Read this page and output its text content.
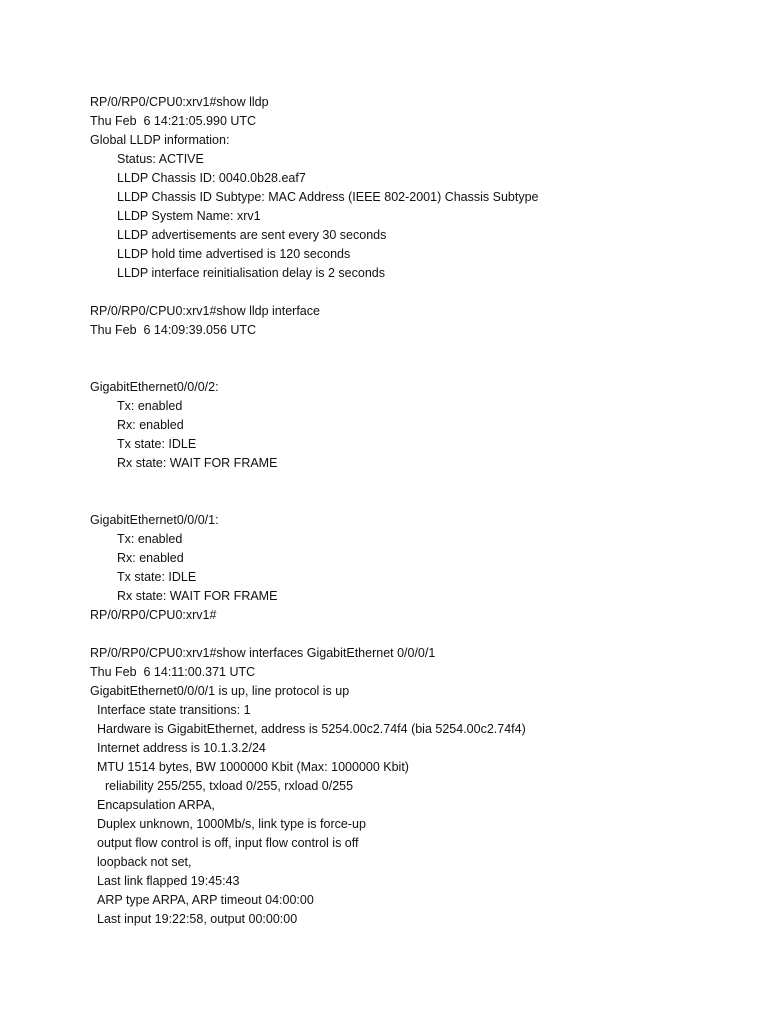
RP/0/RP0/CPU0:xrv1#show lldp
Thu Feb  6 14:21:05.990 UTC
Global LLDP information:
Status: ACTIVE
LLDP Chassis ID: 0040.0b28.eaf7
LLDP Chassis ID Subtype: MAC Address (IEEE 802-2001) Chassis Subtype
LLDP System Name: xrv1
LLDP advertisements are sent every 30 seconds
LLDP hold time advertised is 120 seconds
LLDP interface reinitialisation delay is 2 seconds
RP/0/RP0/CPU0:xrv1#show lldp interface
Thu Feb  6 14:09:39.056 UTC
GigabitEthernet0/0/0/2:
Tx: enabled
Rx: enabled
Tx state: IDLE
Rx state: WAIT FOR FRAME
GigabitEthernet0/0/0/1:
Tx: enabled
Rx: enabled
Tx state: IDLE
Rx state: WAIT FOR FRAME
RP/0/RP0/CPU0:xrv1#
RP/0/RP0/CPU0:xrv1#show interfaces GigabitEthernet 0/0/0/1
Thu Feb  6 14:11:00.371 UTC
GigabitEthernet0/0/0/1 is up, line protocol is up
Interface state transitions: 1
Hardware is GigabitEthernet, address is 5254.00c2.74f4 (bia 5254.00c2.74f4)
Internet address is 10.1.3.2/24
MTU 1514 bytes, BW 1000000 Kbit (Max: 1000000 Kbit)
reliability 255/255, txload 0/255, rxload 0/255
Encapsulation ARPA,
Duplex unknown, 1000Mb/s, link type is force-up
output flow control is off, input flow control is off
loopback not set,
Last link flapped 19:45:43
ARP type ARPA, ARP timeout 04:00:00
Last input 19:22:58, output 00:00:00
